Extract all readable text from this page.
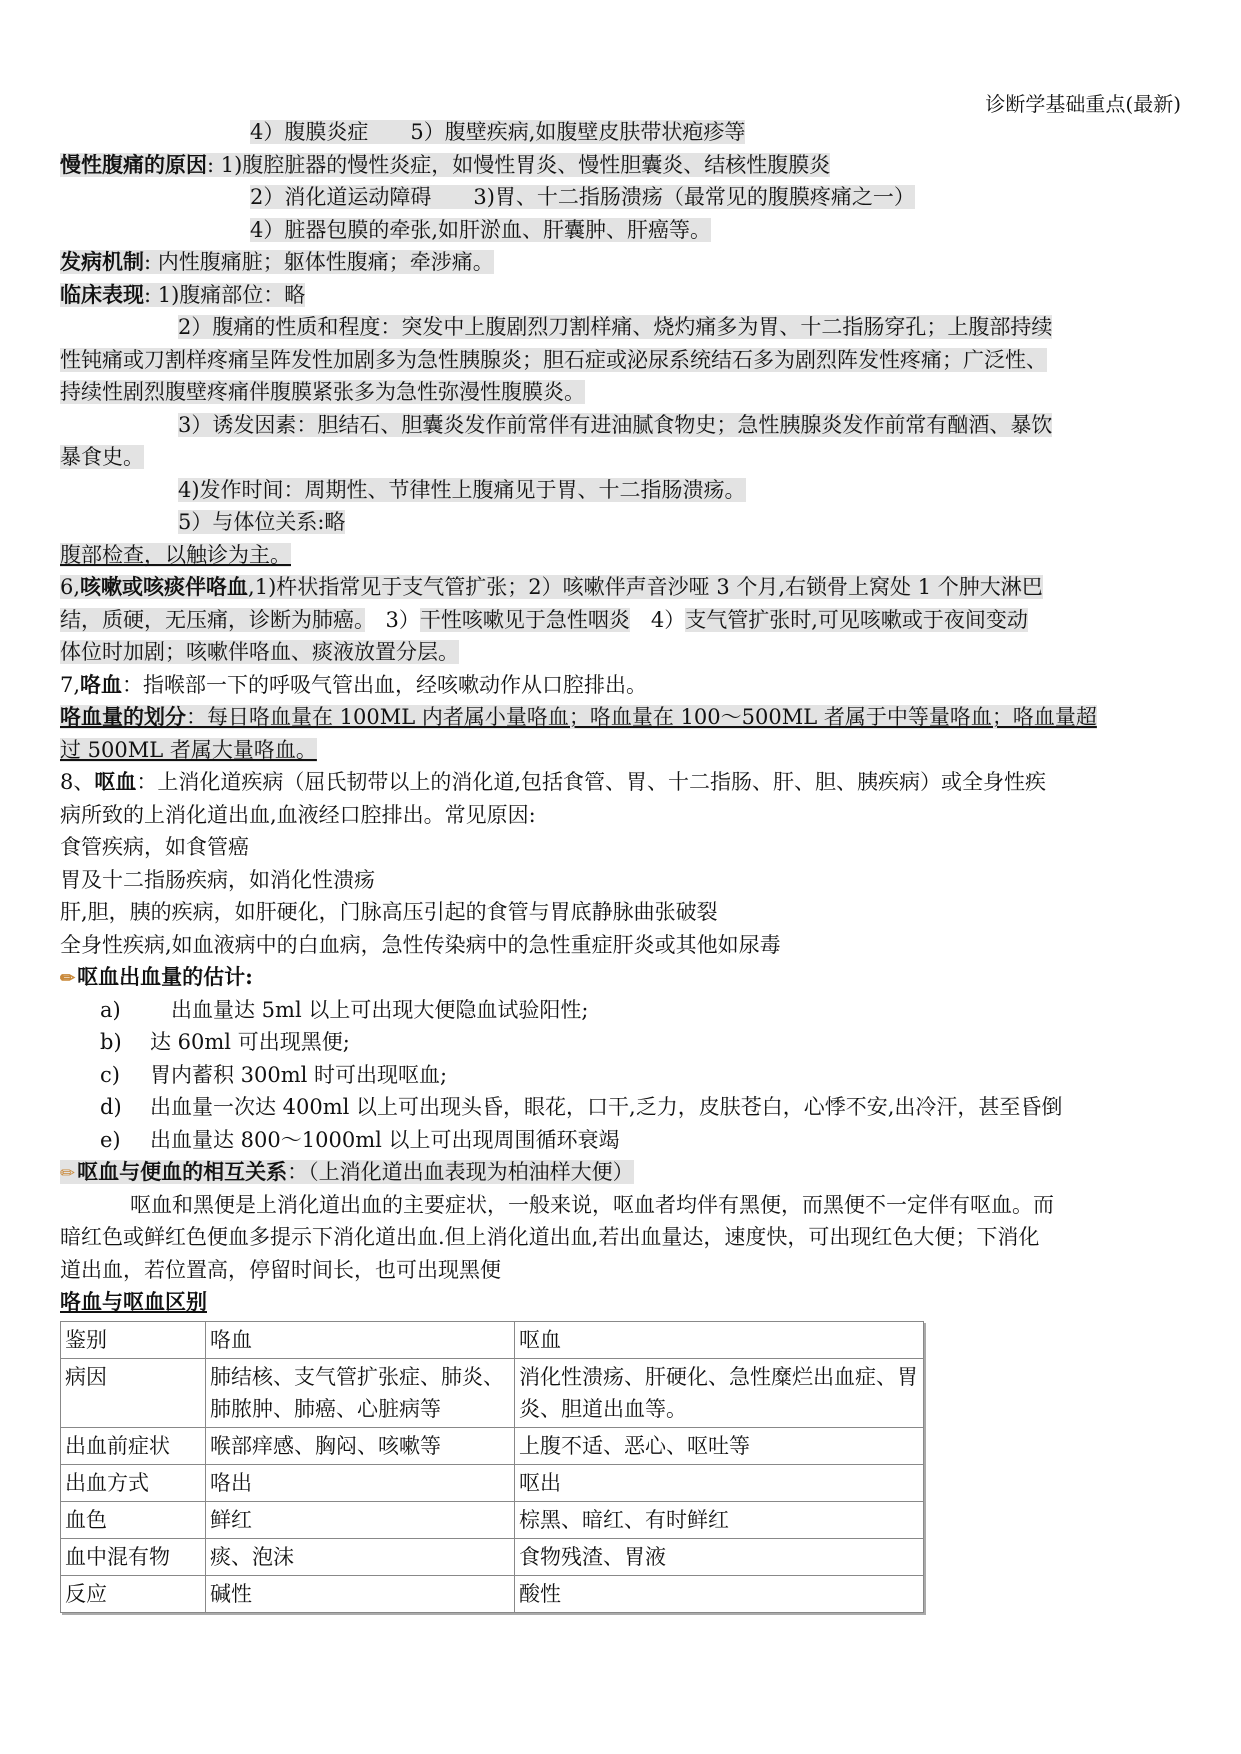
诊断学基础重点(最新)
4）腹膜炎症　　5）腹壁疾病,如腹壁皮肤带状疱疹等
慢性腹痛的原因: 1)腹腔脏器的慢性炎症，如慢性胃炎、慢性胆囊炎、结核性腹膜炎
2）消化道运动障碍　　3)胃、十二指肠溃疡（最常见的腹膜疼痛之一）
4）脏器包膜的牵张,如肝淤血、肝囊肿、肝癌等。
发病机制: 内性腹痛脏；躯体性腹痛；牵涉痛。
临床表现: 1)腹痛部位：略
2）腹痛的性质和程度：突发中上腹剧烈刀割样痛、烧灼痛多为胃、十二指肠穿孔；上腹部持续
性钝痛或刀割样疼痛呈阵发性加剧多为急性胰腺炎；胆石症或泌尿系统结石多为剧烈阵发性疼痛；广泛性、
持续性剧烈腹壁疼痛伴腹膜紧张多为急性弥漫性腹膜炎。
3）诱发因素：胆结石、胆囊炎发作前常伴有进油腻食物史；急性胰腺炎发作前常有酗酒、暴饮
暴食史。
4)发作时间：周期性、节律性上腹痛见于胃、十二指肠溃疡。
5）与体位关系:略
腹部检查，以触诊为主。
6,咳嗽或咳痰伴咯血,1)杵状指常见于支气管扩张；2）咳嗽伴声音沙哑 3 个月,右锁骨上窝处 1 个肿大淋巴
结，质硬，无压痛，诊断为肺癌。　3）干性咳嗽见于急性咽炎　4）支气管扩张时,可见咳嗽或于夜间变动
体位时加剧；咳嗽伴咯血、痰液放置分层。
7,咯血：指喉部一下的呼吸气管出血，经咳嗽动作从口腔排出。
咯血量的划分：每日咯血量在 100ML 内者属小量咯血；咯血量在 100～500ML 者属于中等量咯血；咯血量超
过 500ML 者属大量咯血。
8、呕血：上消化道疾病（屈氏韧带以上的消化道,包括食管、胃、十二指肠、肝、胆、胰疾病）或全身性疾
病所致的上消化道出血,血液经口腔排出。常见原因:
食管疾病，如食管癌
胃及十二指肠疾病，如消化性溃疡
肝,胆，胰的疾病，如肝硬化，门脉高压引起的食管与胃底静脉曲张破裂
全身性疾病,如血液病中的白血病，急性传染病中的急性重症肝炎或其他如尿毒
✏呕血出血量的估计:
a)　出血量达 5ml 以上可出现大便隐血试验阳性;
b) 达 60ml 可出现黑便;
c) 胃内蓄积 300ml 时可出现呕血;
d) 出血量一次达 400ml 以上可出现头昏，眼花，口干,乏力，皮肤苍白，心悸不安,出冷汗，甚至昏倒
e) 出血量达 800～1000ml 以上可出现周围循环衰竭
✏呕血与便血的相互关系：（上消化道出血表现为柏油样大便）
呕血和黑便是上消化道出血的主要症状，一般来说，呕血者均伴有黑便，而黑便不一定伴有呕血。而
暗红色或鲜红色便血多提示下消化道出血.但上消化道出血,若出血量达，速度快，可出现红色大便；下消化
道出血，若位置高，停留时间长，也可出现黑便
咯血与呕血区别
鉴别	咯血	呕血
病因	肺结核、支气管扩张症、肺炎、肺脓肿、肺癌、心脏病等	消化性溃疡、肝硬化、急性糜烂出血症、胃炎、胆道出血等。
出血前症状	喉部痒感、胸闷、咳嗽等	上腹不适、恶心、呕吐等
出血方式	咯出	呕出
血色	鲜红	棕黑、暗红、有时鲜红
血中混有物	痰、泡沫	食物残渣、胃液
反应	碱性	酸性
